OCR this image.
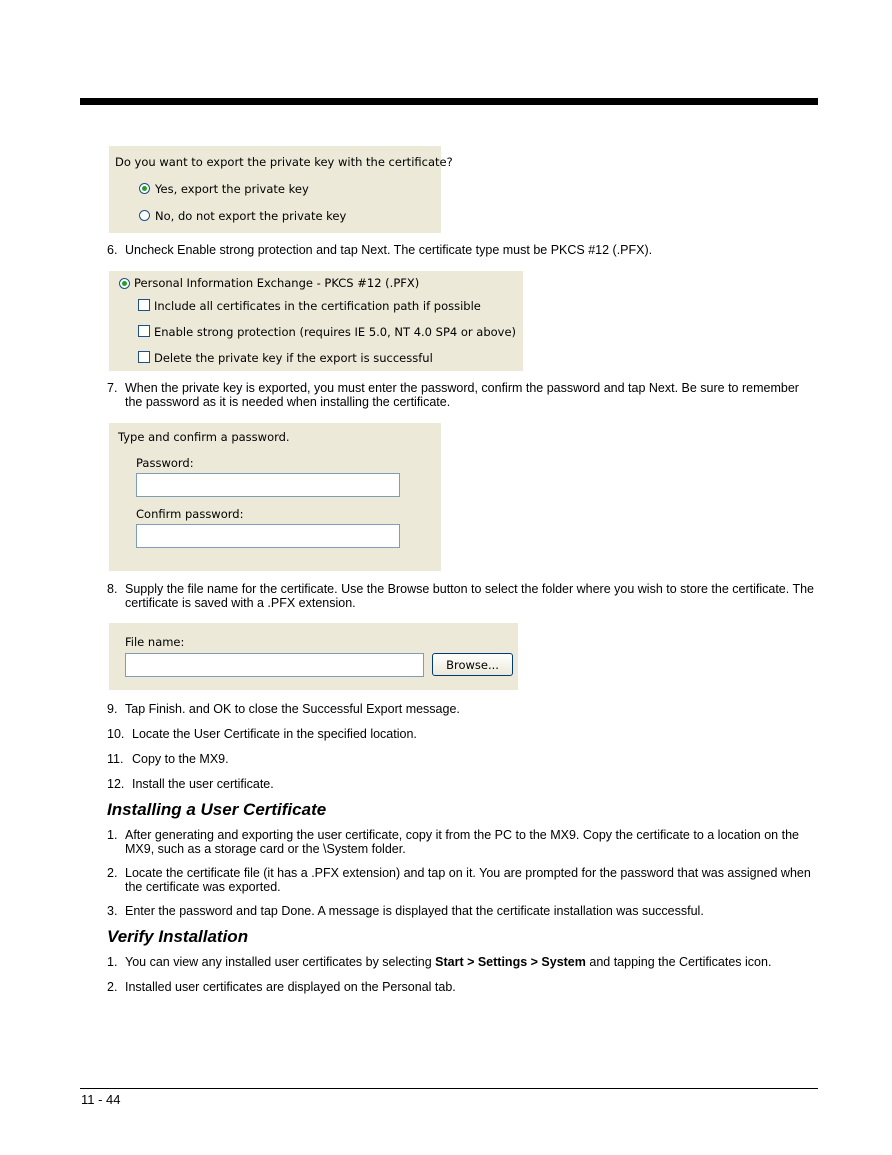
Do you want to export the private key with the certificate?
Yes, export the private key
No, do not export the private key
6. Uncheck Enable strong protection and tap Next. The certificate type must be PKCS #12 (.PFX).
Personal Information Exchange - PKCS #12 (.PFX)
Include all certificates in the certification path if possible
Enable strong protection (requires IE 5.0, NT 4.0 SP4 or above)
Delete the private key if the export is successful
7. When the private key is exported, you must enter the password, confirm the password and tap Next. Be sure to remember the password as it is needed when installing the certificate.
Type and confirm a password.
Password:
Confirm password:
8. Supply the file name for the certificate. Use the Browse button to select the folder where you wish to store the certificate. The certificate is saved with a .PFX extension.
File name:
Browse...
9. Tap Finish. and OK to close the Successful Export message.
10. Locate the User Certificate in the specified location.
11. Copy to the MX9.
12. Install the user certificate.
Installing a User Certificate
1. After generating and exporting the user certificate, copy it from the PC to the MX9. Copy the certificate to a location on the MX9, such as a storage card or the \System folder.
2. Locate the certificate file (it has a .PFX extension) and tap on it. You are prompted for the password that was assigned when the certificate was exported.
3. Enter the password and tap Done. A message is displayed that the certificate installation was successful.
Verify Installation
1. You can view any installed user certificates by selecting Start > Settings > System and tapping the Certificates icon.
2. Installed user certificates are displayed on the Personal tab.
11 - 44
